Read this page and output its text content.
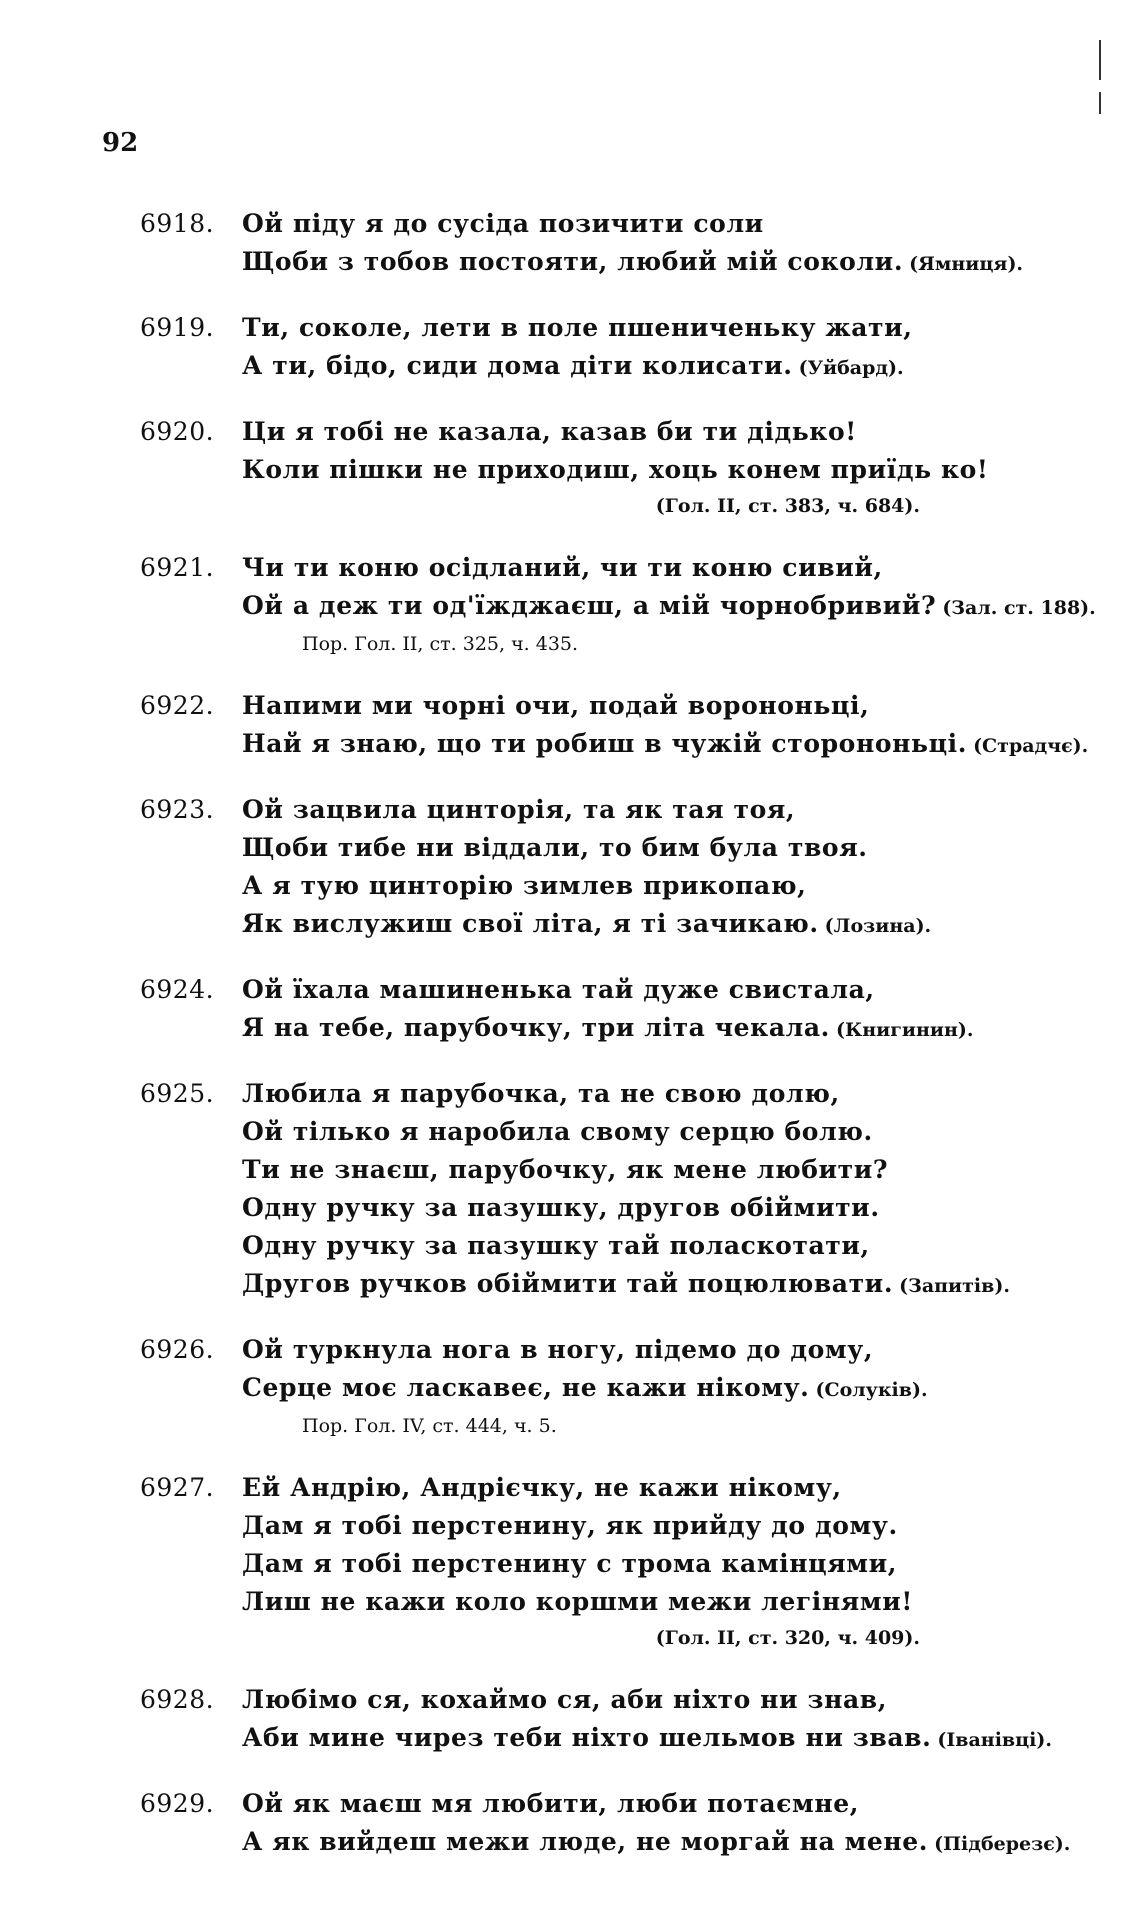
92
6918.	Ой піду я до сусіда позичити соли
Щоби з тобов постояти, любий мій соколи. (Ямниця).
6919.	Ти, соколе, лети в поле пшениченьку жати,
А ти, бідо, сиди дома діти колисати. (Уйбард).
6920.	Ци я тобі не казала, казав би ти дідько!
Коли пішки не приходиш, хоць конем приїдь ко!
(Гол. II, ст. 383, ч. 684).
6921.	Чи ти коню осідланий, чи ти коню сивий,
Ой а деж ти од'їжджаєш, а мій чорнобривий? (Зал. ст. 188).
Пор. Гол. II, ст. 325, ч. 435.
6922.	Напими ми чорні очи, подай ворононьці,
Най я знаю, що ти робиш в чужій сторононьці. (Страдчє).
6923.	Ой зацвила цинторія, та як тая тоя,
Щоби тибе ни віддали, то бим була твоя.
А я тую цинторію зимлев прикопаю,
Як вислужиш свої літа, я ті зачикаю. (Лозина).
6924.	Ой їхала машиненька тай дуже свистала,
Я на тебе, парубочку, три літа чекала. (Книгинин).
6925.	Любила я парубочка, та не свою долю,
Ой тілько я наробила свому серцю болю.
Ти не знаєш, парубочку, як мене любити?
Одну ручку за пазушку, другов обіймити.
Одну ручку за пазушку тай поласкотати,
Другов ручков обіймити тай поцюлювати. (Запитів).
6926.	Ой туркнула нога в ногу, підемо до дому,
Серце моє ласкавеє, не кажи нікому. (Солукiв).
Пор. Гол. IV, ст. 444, ч. 5.
6927.	Ей Андрію, Андрієчку, не кажи нікому,
Дам я тобі перстенину, як прийду до дому.
Дам я тобі перстенину с трома камінцями,
Лиш не кажи коло коршми межи легінями!
(Гол. II, ст. 320, ч. 409).
6928.	Любімо ся, кохаймо ся, аби ніхто ни знав,
Аби мине чирез теби ніхто шельмов ни звав. (Іванівці).
6929.	Ой як маєш мя любити, люби потаємне,
А як вийдеш межи люде, не моргай на мене. (Підберезє).
